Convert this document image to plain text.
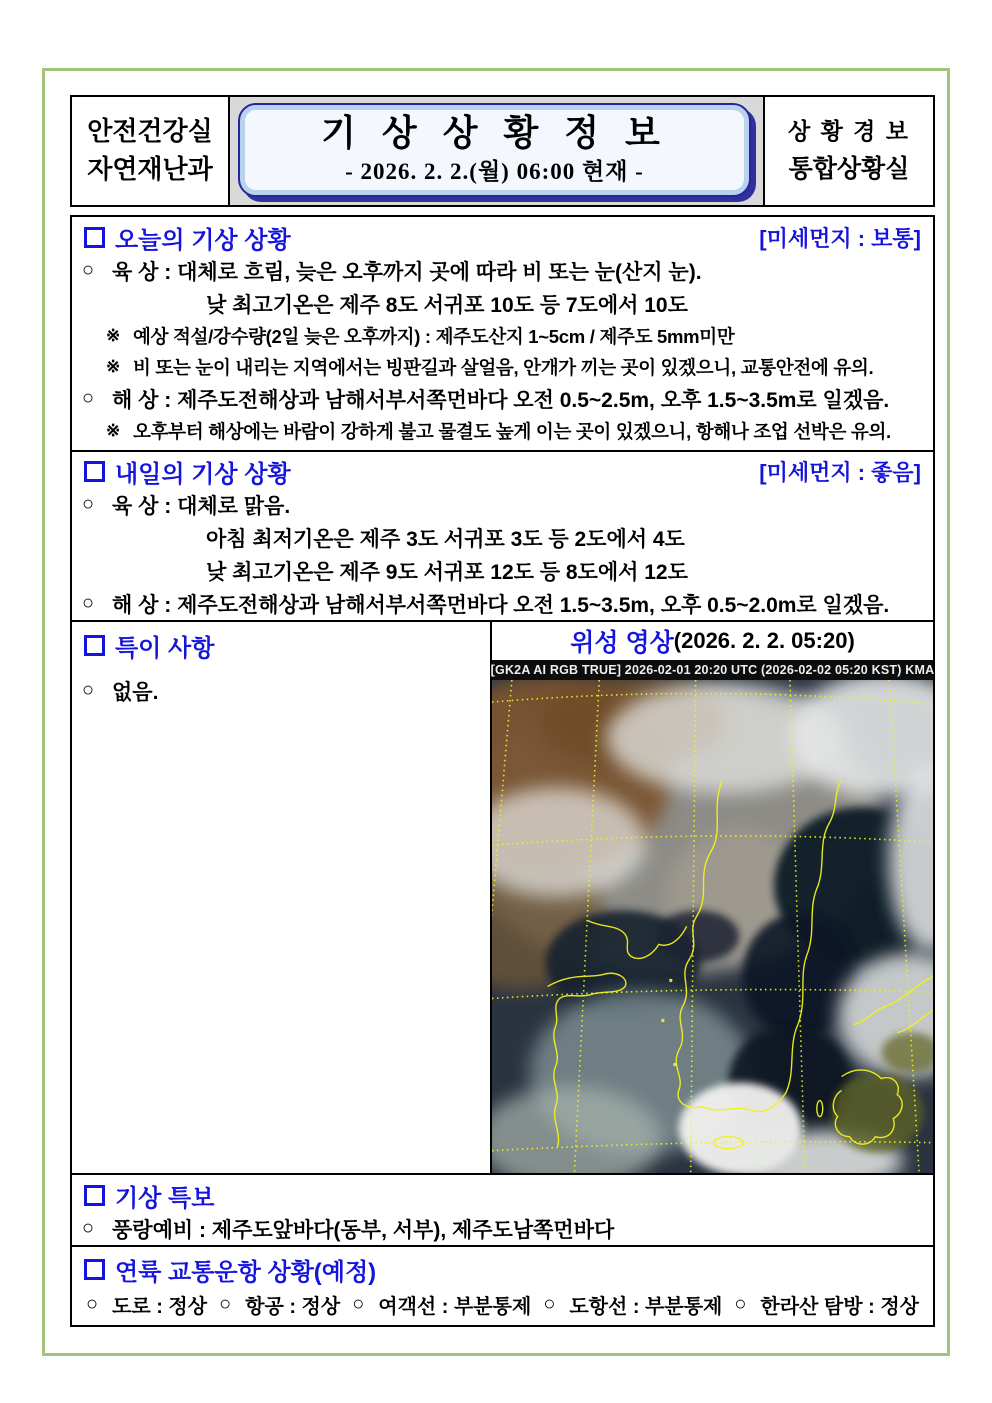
안전건강실
자연재난과
기 상 상 황 정 보
- 2026. 2. 2.(월) 06:00 현재 -
상 황 경 보
통합상황실
오늘의 기상 상황	[미세먼지 : 보통]
○ 육 상 : 대체로 흐림, 늦은 오후까지 곳에 따라 비 또는 눈(산지 눈).
낮 최고기온은 제주 8도 서귀포 10도 등 7도에서 10도
※ 예상 적설/강수량(2일 늦은 오후까지) : 제주도산지 1~5cm / 제주도 5mm미만
※ 비 또는 눈이 내리는 지역에서는 빙판길과 살얼음, 안개가 끼는 곳이 있겠으니, 교통안전에 유의.
○ 해 상 : 제주도전해상과 남해서부서쪽먼바다 오전 0.5~2.5m, 오후 1.5~3.5m로 일겠음.
※ 오후부터 해상에는 바람이 강하게 불고 물결도 높게 이는 곳이 있겠으니, 항해나 조업 선박은 유의.
내일의 기상 상황	[미세먼지 : 좋음]
○ 육 상 : 대체로 맑음.
아침 최저기온은 제주 3도 서귀포 3도 등 2도에서 4도
낮 최고기온은 제주 9도 서귀포 12도 등 8도에서 12도
○ 해 상 : 제주도전해상과 남해서부서쪽먼바다 오전 1.5~3.5m, 오후 0.5~2.0m로 일겠음.
특이 사항
○ 없음.
위성 영상 (2026. 2. 2. 05:20)
[GK2A AI RGB TRUE] 2026-02-01 20:20 UTC (2026-02-02 05:20 KST) KMA
기상 특보
○ 풍랑예비 : 제주도앞바다(동부, 서부), 제주도남쪽먼바다
연륙 교통운항 상황(예정)
○ 도로 : 정상 ○ 항공 : 정상 ○ 여객선 : 부분통제 ○ 도항선 : 부분통제 ○ 한라산 탐방 : 정상
